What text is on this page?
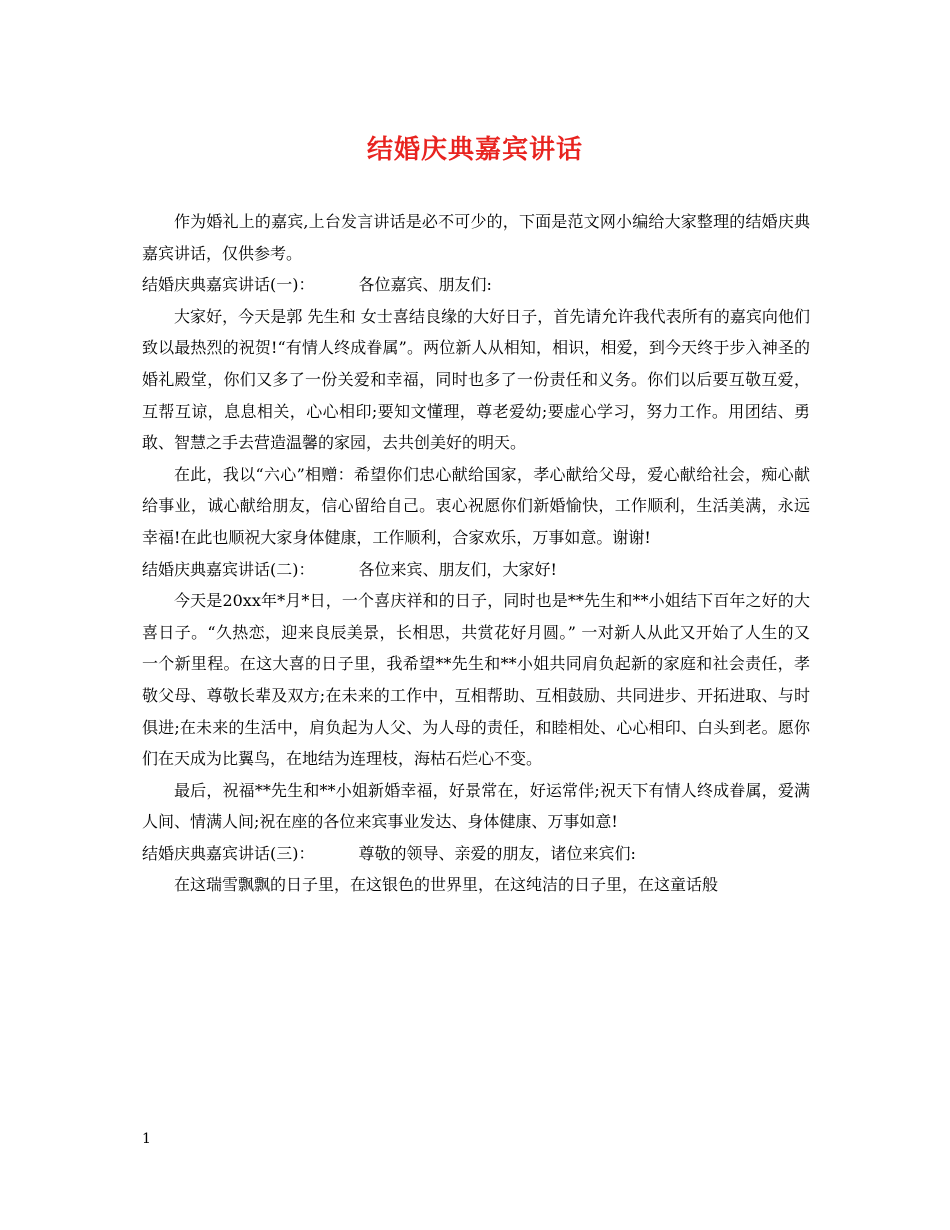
结婚庆典嘉宾讲话

作为婚礼上的嘉宾,上台发言讲话是必不可少的，下面是范文网小编给大家整理的结婚庆典嘉宾讲话，仅供参考。

结婚庆典嘉宾讲话(一)：	各位嘉宾、朋友们:

大家好，今天是郭 先生和 女士喜结良缘的大好日子，首先请允许我代表所有的嘉宾向他们致以最热烈的祝贺!“有情人终成眷属”。两位新人从相知，相识，相爱，到今天终于步入神圣的婚礼殿堂，你们又多了一份关爱和幸福，同时也多了一份责任和义务。你们以后要互敬互爱，互帮互谅，息息相关，心心相印;要知文懂理，尊老爱幼;要虚心学习，努力工作。用团结、勇敢、智慧之手去营造温馨的家园，去共创美好的明天。

在此，我以“六心”相赠：希望你们忠心献给国家，孝心献给父母，爱心献给社会，痴心献给事业，诚心献给朋友，信心留给自己。衷心祝愿你们新婚愉快，工作顺利，生活美满，永远幸福!在此也顺祝大家身体健康，工作顺利，合家欢乐，万事如意。谢谢!

结婚庆典嘉宾讲话(二)：	各位来宾、朋友们，大家好!

今天是20xx年*月*日，一个喜庆祥和的日子，同时也是**先生和**小姐结下百年之好的大喜日子。“久热恋，迎来良辰美景，长相思，共赏花好月圆。” 一对新人从此又开始了人生的又一个新里程。在这大喜的日子里，我希望**先生和**小姐共同肩负起新的家庭和社会责任，孝敬父母、尊敬长辈及双方;在未来的工作中，互相帮助、互相鼓励、共同进步、开拓进取、与时俱进;在未来的生活中，肩负起为人父、为人母的责任，和睦相处、心心相印、白头到老。愿你们在天成为比翼鸟，在地结为连理枝，海枯石烂心不变。

最后，祝福**先生和**小姐新婚幸福，好景常在，好运常伴;祝天下有情人终成眷属，爱满人间、情满人间;祝在座的各位来宾事业发达、身体健康、万事如意!

结婚庆典嘉宾讲话(三)：	尊敬的领导、亲爱的朋友，诸位来宾们:

在这瑞雪飘飘的日子里，在这银色的世界里，在这纯洁的日子里，在这童话般

1
